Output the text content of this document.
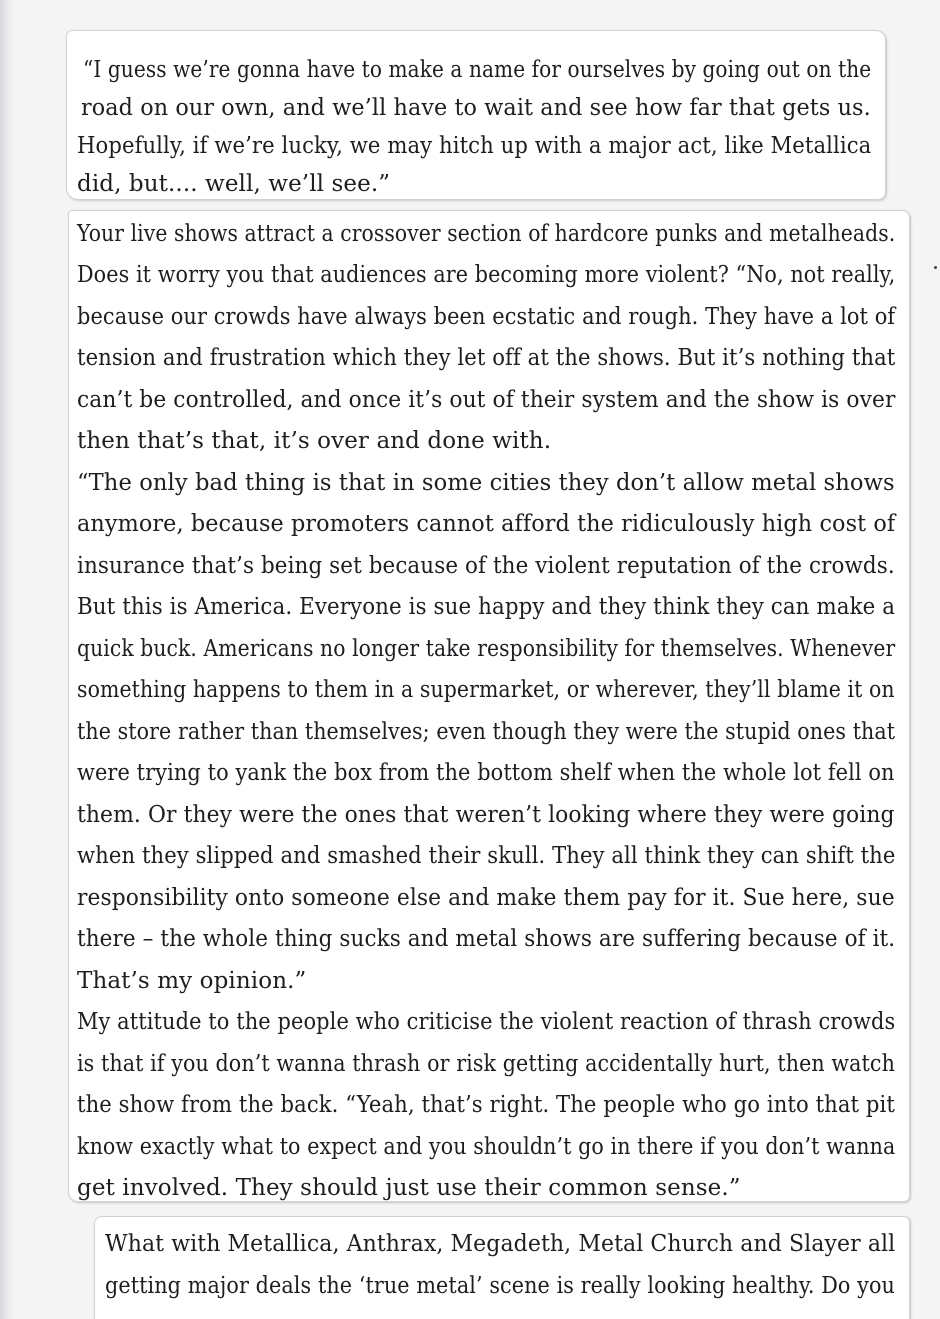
“I guess we’re gonna have to make a name for ourselves by going out on the
road on our own, and we’ll have to wait and see how far that gets us.
Hopefully, if we’re lucky, we may hitch up with a major act, like Metallica
did, but.... well, we’ll see.”
Your live shows attract a crossover section of hardcore punks and metalheads.
Does it worry you that audiences are becoming more violent? “No, not really,
because our crowds have always been ecstatic and rough. They have a lot of
tension and frustration which they let off at the shows. But it’s nothing that
can’t be controlled, and once it’s out of their system and the show is over
then that’s that, it’s over and done with.
“The only bad thing is that in some cities they don’t allow metal shows
anymore, because promoters cannot afford the ridiculously high cost of
insurance that’s being set because of the violent reputation of the crowds.
But this is America. Everyone is sue happy and they think they can make a
quick buck. Americans no longer take responsibility for themselves. Whenever
something happens to them in a supermarket, or wherever, they’ll blame it on
the store rather than themselves; even though they were the stupid ones that
were trying to yank the box from the bottom shelf when the whole lot fell on
them. Or they were the ones that weren’t looking where they were going
when they slipped and smashed their skull. They all think they can shift the
responsibility onto someone else and make them pay for it. Sue here, sue
there – the whole thing sucks and metal shows are suffering because of it.
That’s my opinion.”
My attitude to the people who criticise the violent reaction of thrash crowds
is that if you don’t wanna thrash or risk getting accidentally hurt, then watch
the show from the back. “Yeah, that’s right. The people who go into that pit
know exactly what to expect and you shouldn’t go in there if you don’t wanna
get involved. They should just use their common sense.”
What with Metallica, Anthrax, Megadeth, Metal Church and Slayer all
getting major deals the ‘true metal’ scene is really looking healthy. Do you
